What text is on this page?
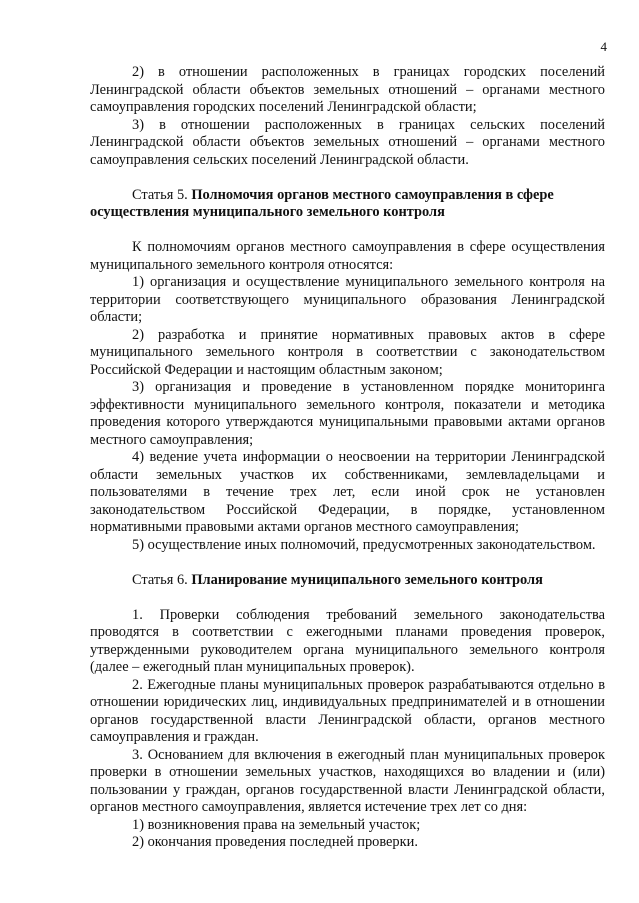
4

2) в отношении расположенных в границах городских поселений Ленинградской области объектов земельных отношений – органами местного самоуправления городских поселений Ленинградской области;

3) в отношении расположенных в границах сельских поселений Ленинградской области объектов земельных отношений – органами местного самоуправления сельских поселений Ленинградской области.

Статья 5. Полномочия органов местного самоуправления в сфере осуществления муниципального земельного контроля

К полномочиям органов местного самоуправления в сфере осуществления муниципального земельного контроля относятся:

1) организация и осуществление муниципального земельного контроля на территории соответствующего муниципального образования Ленинградской области;

2) разработка и принятие нормативных правовых актов в сфере муниципального земельного контроля в соответствии с законодательством Российской Федерации и настоящим областным законом;

3) организация и проведение в установленном порядке мониторинга эффективности муниципального земельного контроля, показатели и методика проведения которого утверждаются муниципальными правовыми актами органов местного самоуправления;

4) ведение учета информации о неосвоении на территории Ленинградской области земельных участков их собственниками, землевладельцами и пользователями в течение трех лет, если иной срок не установлен законодательством Российской Федерации, в порядке, установленном нормативными правовыми актами органов местного самоуправления;

5) осуществление иных полномочий, предусмотренных законодательством.

Статья 6. Планирование муниципального земельного контроля

1. Проверки соблюдения требований земельного законодательства проводятся в соответствии с ежегодными планами проведения проверок, утвержденными руководителем органа муниципального земельного контроля (далее – ежегодный план муниципальных проверок).

2. Ежегодные планы муниципальных проверок разрабатываются отдельно в отношении юридических лиц, индивидуальных предпринимателей и в отношении органов государственной власти Ленинградской области, органов местного самоуправления и граждан.

3. Основанием для включения в ежегодный план муниципальных проверок проверки в отношении земельных участков, находящихся во владении и (или) пользовании у граждан, органов государственной власти Ленинградской области, органов местного самоуправления, является истечение трех лет со дня:

1) возникновения права на земельный участок;

2) окончания проведения последней проверки.
